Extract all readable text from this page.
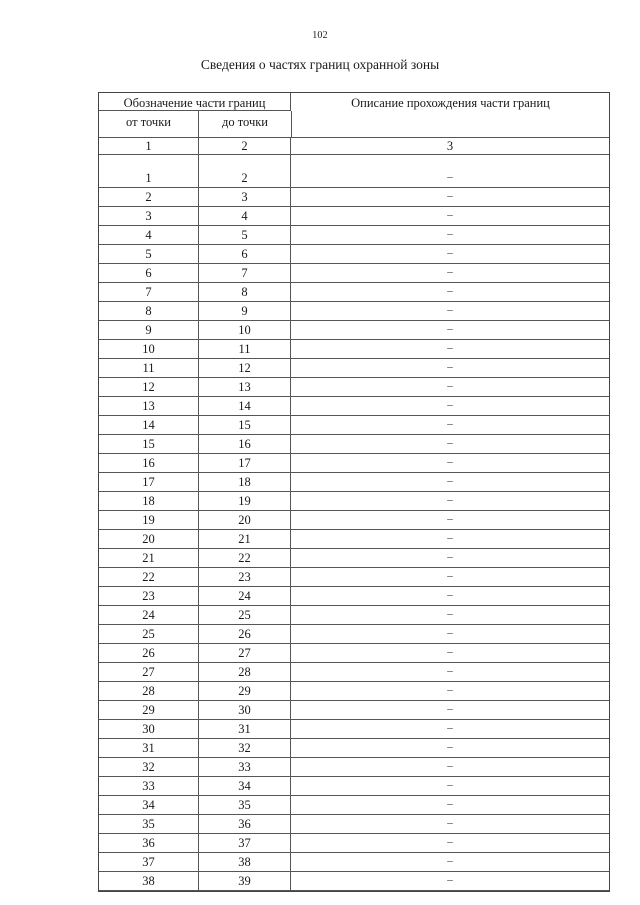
102
Сведения о частях границ охранной зоны
Обозначение части границ
от точки	до точки
Описание прохождения части границ
1	2	3
1	2	–
2	3	–
3	4	–
4	5	–
5	6	–
6	7	–
7	8	–
8	9	–
9	10	–
10	11	–
11	12	–
12	13	–
13	14	–
14	15	–
15	16	–
16	17	–
17	18	–
18	19	–
19	20	–
20	21	–
21	22	–
22	23	–
23	24	–
24	25	–
25	26	–
26	27	–
27	28	–
28	29	–
29	30	–
30	31	–
31	32	–
32	33	–
33	34	–
34	35	–
35	36	–
36	37	–
37	38	–
38	39	–
